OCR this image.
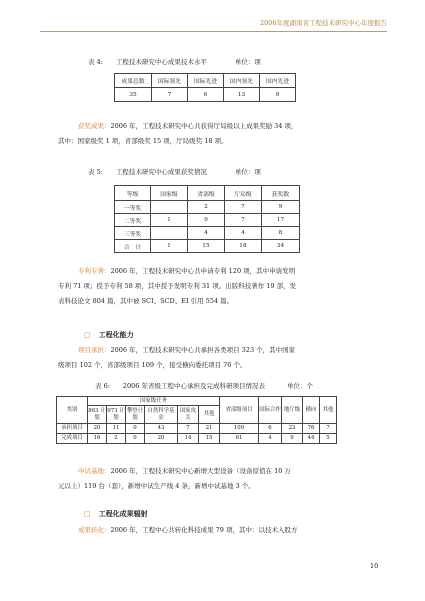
2006年度湖南省工程技术研究中心年度报告
表 4:　　工程技术研究中心成果技术水平	单位：项
成果总数	国际领先	国际先进	国内领先	国内先进
35	7	6	13	9
获奖成果：2006 年，工程技术研究中心共获得厅局级以上成果奖励 34 项，
其中：国家级奖 1 项，省部级奖 15 项，厅局级奖 18 项。
表 5:　　工程技术研究中心成果获奖情况	单位：项
等级	国家级	省部级	厅局级	获奖数
一等奖		2	7	9
二等奖	1	9	7	17
三等奖		4	4	8
合　计	1	15	18	34
专利专著：2006 年，工程技术研究中心共申请专利 120 项，其中申请发明
专利 71 项；授予专利 58 项，其中授予发明专利 31 项。出版科技著作 19 部，发
表科技论文 804 篇，其中被 SCI、SCD、EI 引用 554 篇。
□ 工程化能力
项目承担：2006 年，工程技术研究中心共承担各类项目 323 个，其中国家
级项目 102 个，省部级项目 109 个，接受横向委托项目 76 个。
表 6:　　2006 年省级工程中心承担及完成科研项目情况表	单位：个
类别	国家级任务						省部级项目	国际合作	地厅级	横向	其他
	863 计划	973 计划	攀登计划	自然科学基金	国家攻关	其他					
承担项目	20	11	0	43	7	21	109	6	23	76	7
完成项目	16	2	0	20	14	15	61	4	9	44	5
中试基地：2006 年，工程技术研究中心新增大型设备（设备原值在 10 万
元以上）119 台（套），新增中试生产线 4 条，新增中试基地 3 个。
□ 工程化成果辐射
成果转化：2006 年，工程中心共转化科技成果 79 项，其中：以技术入股方
10
